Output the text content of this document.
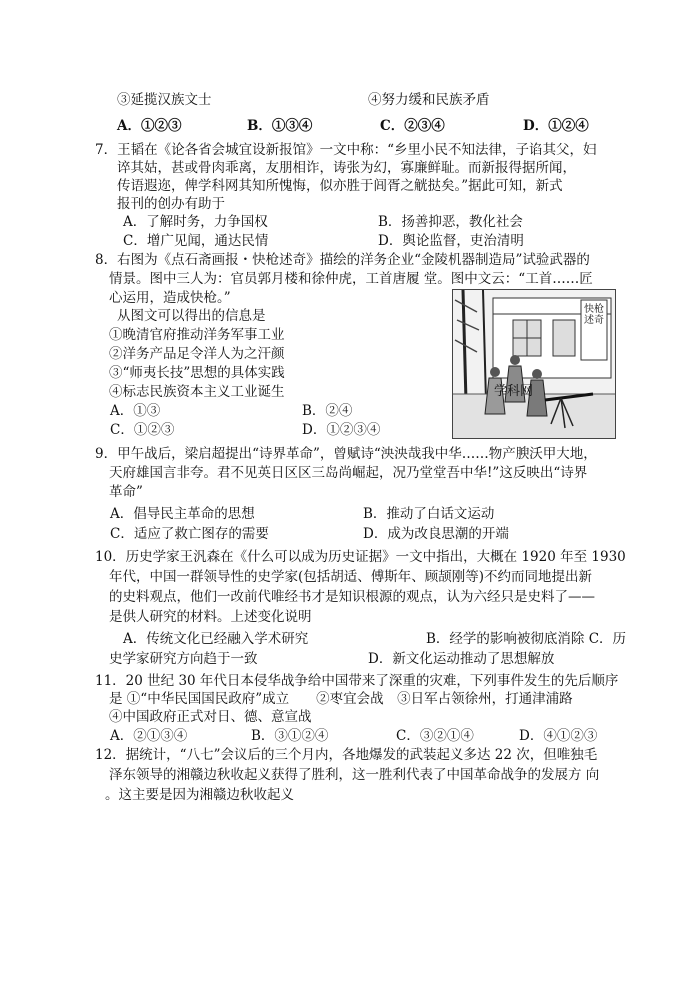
③延揽汉族文士	④努力缓和民族矛盾
A．①②③	B．①③④	C．②③④	D．①②④
7．王韬在《论各省会城宜设新报馆》一文中称：“乡里小民不知法律，子谄其父，妇
谇其姑，甚或骨肉乖离，友朋相诈，诪张为幻，寡廉鲜耻。而新报得据所闻，
传语遐迩，俾学科网其知所愧悔，似亦胜于闾胥之觥挞矣。”据此可知，新式
报刊的创办有助于
A．了解时务，力争国权	B．扬善抑恶，教化社会
C．增广见闻，通达民情	D．舆论监督，吏治清明
8．右图为《点石斋画报・快枪述奇》描绘的洋务企业“金陵机器制造局”试验武器的
情景。图中三人为：官员郭月楼和徐仲虎，工首唐履 堂。图中文云：“工首……匠
心运用，造成快枪。”
从图文可以得出的信息是
①晚清官府推动洋务军事工业
②洋务产品足令洋人为之汗颜
③“师夷长技”思想的具体实践
④标志民族资本主义工业诞生
A．①③	B．②④
C．①②③	D．①②③④
快枪述奇
学科网
9．甲午战后，梁启超提出“诗界革命”，曾赋诗“泱泱哉我中华……物产腴沃甲大地，
天府雄国言非夸。君不见英日区区三岛尚崛起，况乃堂堂吾中华!”这反映出“诗界
革命”
A．倡导民主革命的思想	B．推动了白话文运动
C．适应了救亡图存的需要	D．成为改良思潮的开端
10．历史学家王汎森在《什么可以成为历史证据》一文中指出，大概在 1920 年至 1930
年代，中国一群领导性的史学家(包括胡适、傅斯年、顾颉刚等)不约而同地提出新
的史料观点，他们一改前代唯经书才是知识根源的观点，认为六经只是史料了——
是供人研究的材料。上述变化说明
A．传统文化已经融入学术研究	B．经学的影响被彻底消除 C．历
史学家研究方向趋于一致	D．新文化运动推动了思想解放
11．20 世纪 30 年代日本侵华战争给中国带来了深重的灾难，下列事件发生的先后顺序
是 ①“中华民国国民政府”成立　　②枣宜会战　③日军占领徐州，打通津浦路
④中国政府正式对日、德、意宣战
A．②①③④	B．③①②④	C．③②①④	D．④①②③
12．据统计，“八七”会议后的三个月内，各地爆发的武装起义多达 22 次，但唯独毛
泽东领导的湘赣边秋收起义获得了胜利，这一胜利代表了中国革命战争的发展方 向
。这主要是因为湘赣边秋收起义
